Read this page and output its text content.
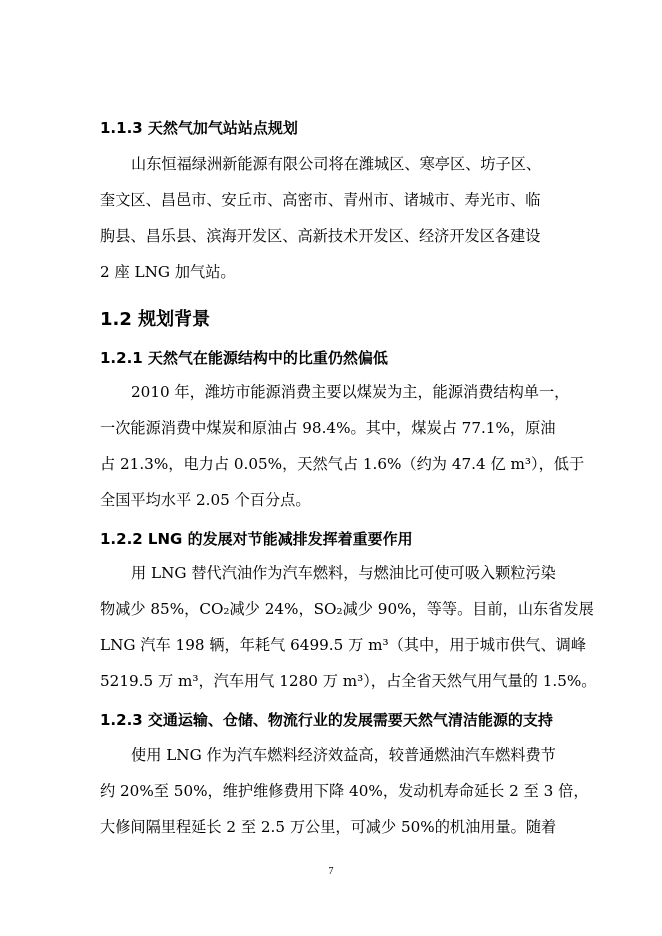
1.1.3 天然气加气站站点规划
山东恒福绿洲新能源有限公司将在潍城区、寒亭区、坊子区、
奎文区、昌邑市、安丘市、高密市、青州市、诸城市、寿光市、临
朐县、昌乐县、滨海开发区、高新技术开发区、经济开发区各建设
2 座 LNG 加气站。
1.2 规划背景
1.2.1 天然气在能源结构中的比重仍然偏低
2010 年，潍坊市能源消费主要以煤炭为主，能源消费结构单一，
一次能源消费中煤炭和原油占 98.4%。其中，煤炭占 77.1%，原油
占 21.3%，电力占 0.05%，天然气占 1.6%（约为 47.4 亿 m³），低于
全国平均水平 2.05 个百分点。
1.2.2 LNG 的发展对节能减排发挥着重要作用
用 LNG 替代汽油作为汽车燃料，与燃油比可使可吸入颗粒污染
物减少 85%，CO₂减少 24%，SO₂减少 90%，等等。目前，山东省发展
LNG 汽车 198 辆，年耗气 6499.5 万 m³（其中，用于城市供气、调峰
5219.5 万 m³，汽车用气 1280 万 m³），占全省天然气用气量的 1.5%。
1.2.3 交通运输、仓储、物流行业的发展需要天然气清洁能源的支持
使用 LNG 作为汽车燃料经济效益高，较普通燃油汽车燃料费节
约 20%至 50%，维护维修费用下降 40%，发动机寿命延长 2 至 3 倍，
大修间隔里程延长 2 至 2.5 万公里，可减少 50%的机油用量。随着
7
